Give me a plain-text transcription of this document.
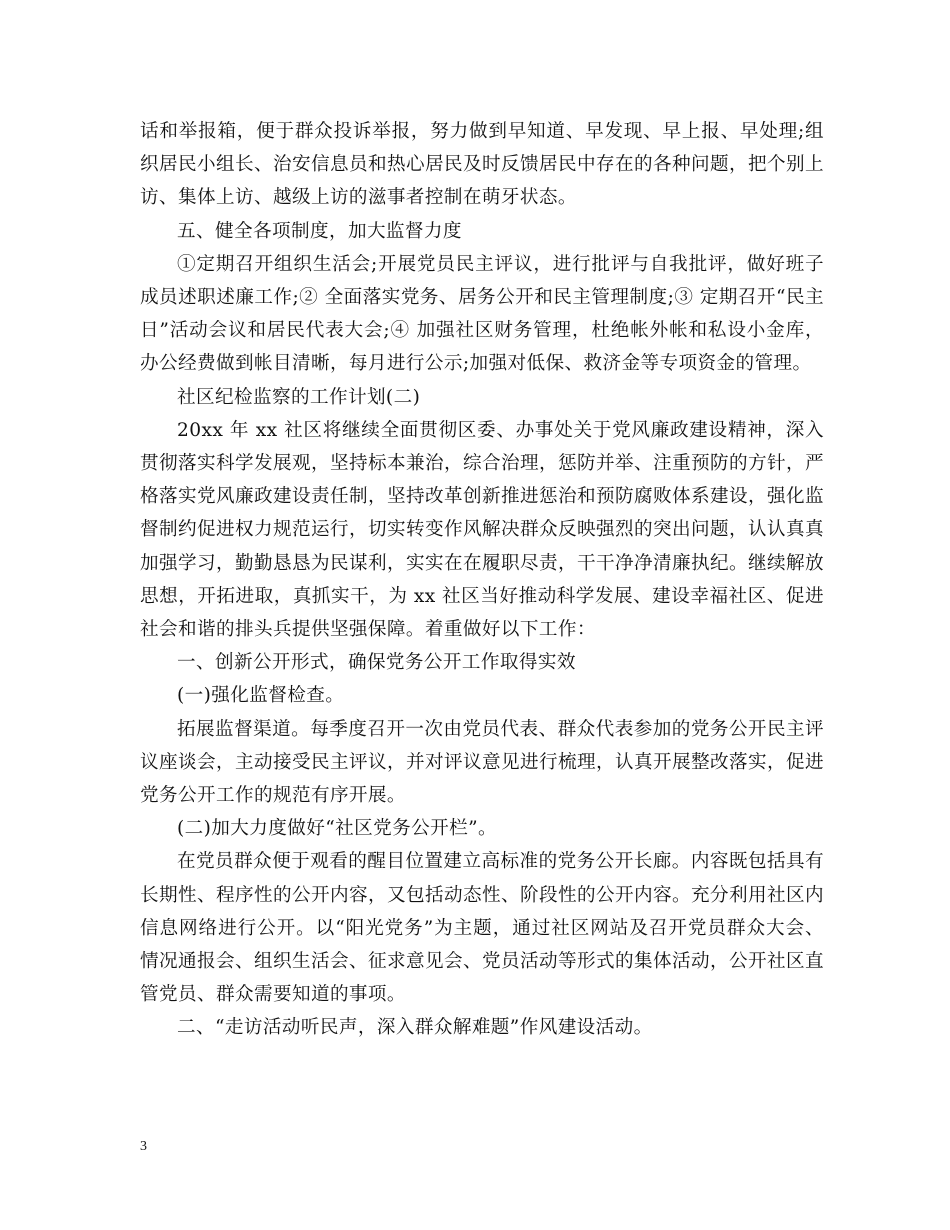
话和举报箱，便于群众投诉举报，努力做到早知道、早发现、早上报、早处理;组织居民小组长、治安信息员和热心居民及时反馈居民中存在的各种问题，把个别上访、集体上访、越级上访的滋事者控制在萌牙状态。

五、健全各项制度，加大监督力度

①定期召开组织生活会;开展党员民主评议，进行批评与自我批评，做好班子成员述职述廉工作;② 全面落实党务、居务公开和民主管理制度;③ 定期召开“民主日”活动会议和居民代表大会;④ 加强社区财务管理，杜绝帐外帐和私设小金库，办公经费做到帐目清晰，每月进行公示;加强对低保、救济金等专项资金的管理。

社区纪检监察的工作计划(二)

20xx 年 xx 社区将继续全面贯彻区委、办事处关于党风廉政建设精神，深入贯彻落实科学发展观，坚持标本兼治，综合治理，惩防并举、注重预防的方针，严格落实党风廉政建设责任制，坚持改革创新推进惩治和预防腐败体系建设，强化监督制约促进权力规范运行，切实转变作风解决群众反映强烈的突出问题，认认真真加强学习，勤勤恳恳为民谋利，实实在在履职尽责，干干净净清廉执纪。继续解放思想，开拓进取，真抓实干，为 xx 社区当好推动科学发展、建设幸福社区、促进社会和谐的排头兵提供坚强保障。着重做好以下工作：

一、创新公开形式，确保党务公开工作取得实效

(一)强化监督检查。

拓展监督渠道。每季度召开一次由党员代表、群众代表参加的党务公开民主评议座谈会，主动接受民主评议，并对评议意见进行梳理，认真开展整改落实，促进党务公开工作的规范有序开展。

(二)加大力度做好“社区党务公开栏”。

在党员群众便于观看的醒目位置建立高标准的党务公开长廊。内容既包括具有长期性、程序性的公开内容，又包括动态性、阶段性的公开内容。充分利用社区内信息网络进行公开。以“阳光党务”为主题，通过社区网站及召开党员群众大会、情况通报会、组织生活会、征求意见会、党员活动等形式的集体活动，公开社区直管党员、群众需要知道的事项。

二、“走访活动听民声，深入群众解难题”作风建设活动。

3
